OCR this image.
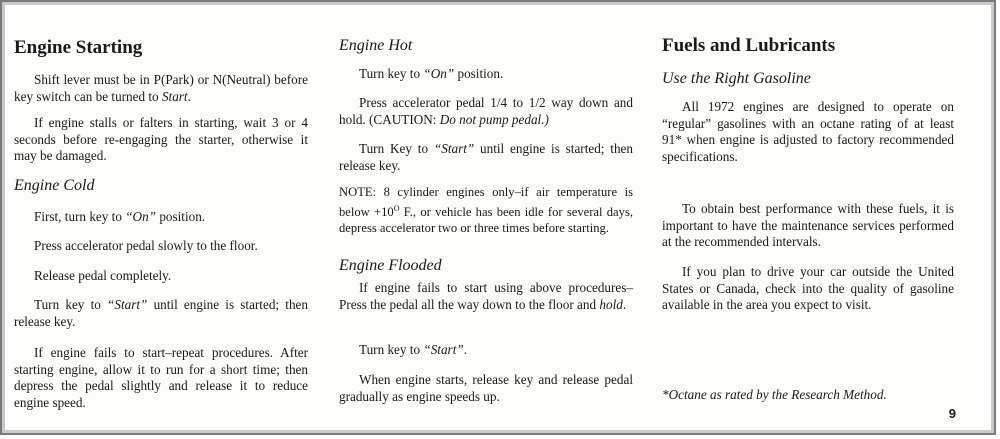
Engine Starting

Shift lever must be in P(Park) or N(Neutral) before key switch can be turned to Start.

If engine stalls or falters in starting, wait 3 or 4 seconds before re-engaging the starter, otherwise it may be damaged.

Engine Cold

First, turn key to “On” position.

Press accelerator pedal slowly to the floor.

Release pedal completely.

Turn key to “Start” until engine is started; then release key.

If engine fails to start–repeat procedures. After starting engine, allow it to run for a short time; then depress the pedal slightly and release it to reduce engine speed.

Engine Hot

Turn key to “On” position.

Press accelerator pedal 1/4 to 1/2 way down and hold. (CAUTION: Do not pump pedal.)

Turn Key to “Start” until engine is started; then release key.

NOTE: 8 cylinder engines only–if air temperature is below $+10^O$ F., or vehicle has been idle for several days, depress accelerator two or three times before starting.

Engine Flooded

If engine fails to start using above procedures–Press the pedal all the way down to the floor and hold.

Turn key to “Start”.

When engine starts, release key and release pedal gradually as engine speeds up.

Fuels and Lubricants
Use the Right Gasoline

All 1972 engines are designed to operate on “regular” gasolines with an octane rating of at least 91* when engine is adjusted to factory recommended specifications.

To obtain best performance with these fuels, it is important to have the maintenance services performed at the recommended intervals.

If you plan to drive your car outside the United States or Canada, check into the quality of gasoline available in the area you expect to visit.

*Octane as rated by the Research Method.

9
